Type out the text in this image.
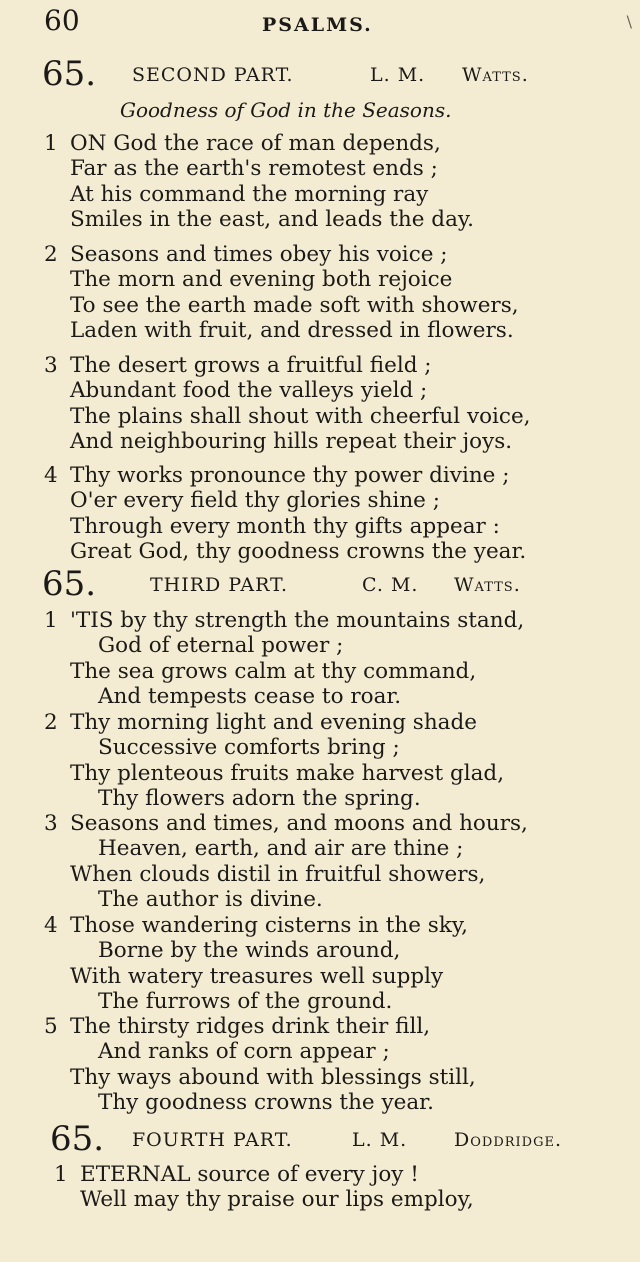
60	PSALMS.	\
65. SECOND PART.	L. M. Watts.
Goodness of God in the Seasons.
1 ON God the race of man depends,
Far as the earth's remotest ends ;
At his command the morning ray
Smiles in the east, and leads the day.
2 Seasons and times obey his voice ;
The morn and evening both rejoice
To see the earth made soft with showers,
Laden with fruit, and dressed in flowers.
3 The desert grows a fruitful field ;
Abundant food the valleys yield ;
The plains shall shout with cheerful voice,
And neighbouring hills repeat their joys.
4 Thy works pronounce thy power divine ;
O'er every field thy glories shine ;
Through every month thy gifts appear :
Great God, thy goodness crowns the year.
65.	THIRD PART.	C. M. Watts.
1 'TIS by thy strength the mountains stand,
God of eternal power ;
The sea grows calm at thy command,
And tempests cease to roar.
2 Thy morning light and evening shade
Successive comforts bring ;
Thy plenteous fruits make harvest glad,
Thy flowers adorn the spring.
3 Seasons and times, and moons and hours,
Heaven, earth, and air are thine ;
When clouds distil in fruitful showers,
The author is divine.
4 Those wandering cisterns in the sky,
Borne by the winds around,
With watery treasures well supply
The furrows of the ground.
5 The thirsty ridges drink their fill,
And ranks of corn appear ;
Thy ways abound with blessings still,
Thy goodness crowns the year.
65. FOURTH PART.	L. M. Doddridge.
1 ETERNAL source of every joy !
Well may thy praise our lips employ,
